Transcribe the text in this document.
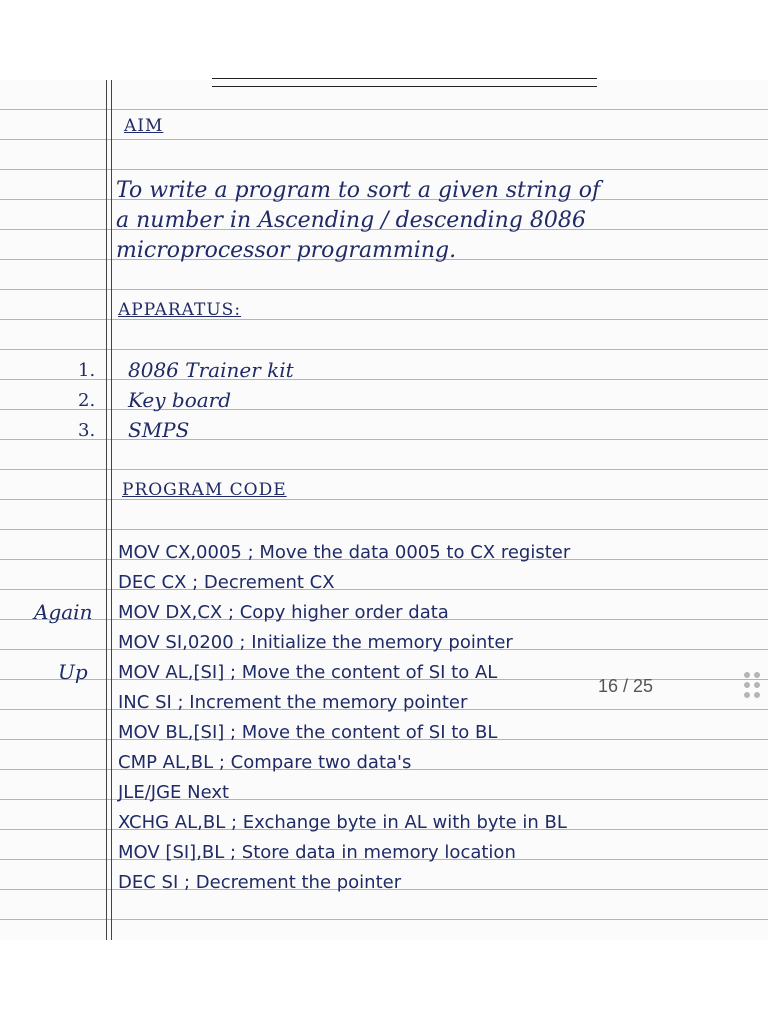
AIM
To write a program to sort a given string of
a number in Ascending / descending 8086
microprocessor programming.
APPARATUS:
1. 8086 Trainer kit
2. Key board
3. SMPS
PROGRAM CODE
MOV CX,0005 ; Move the data 0005 to CX register
DEC CX ; Decrement CX
Again MOV DX,CX ; Copy higher order data
MOV SI,0200 ; Initialize the memory pointer
Up MOV AL,[SI] ; Move the content of SI to AL
INC SI ; Increment the memory pointer
MOV BL,[SI] ; Move the content of SI to BL
CMP AL,BL ; Compare two data's
JLE/JGE Next
XCHG AL,BL ; Exchange byte in AL with byte in BL
MOV [SI],BL ; Store data in memory location
DEC SI ; Decrement the pointer
16 / 25
